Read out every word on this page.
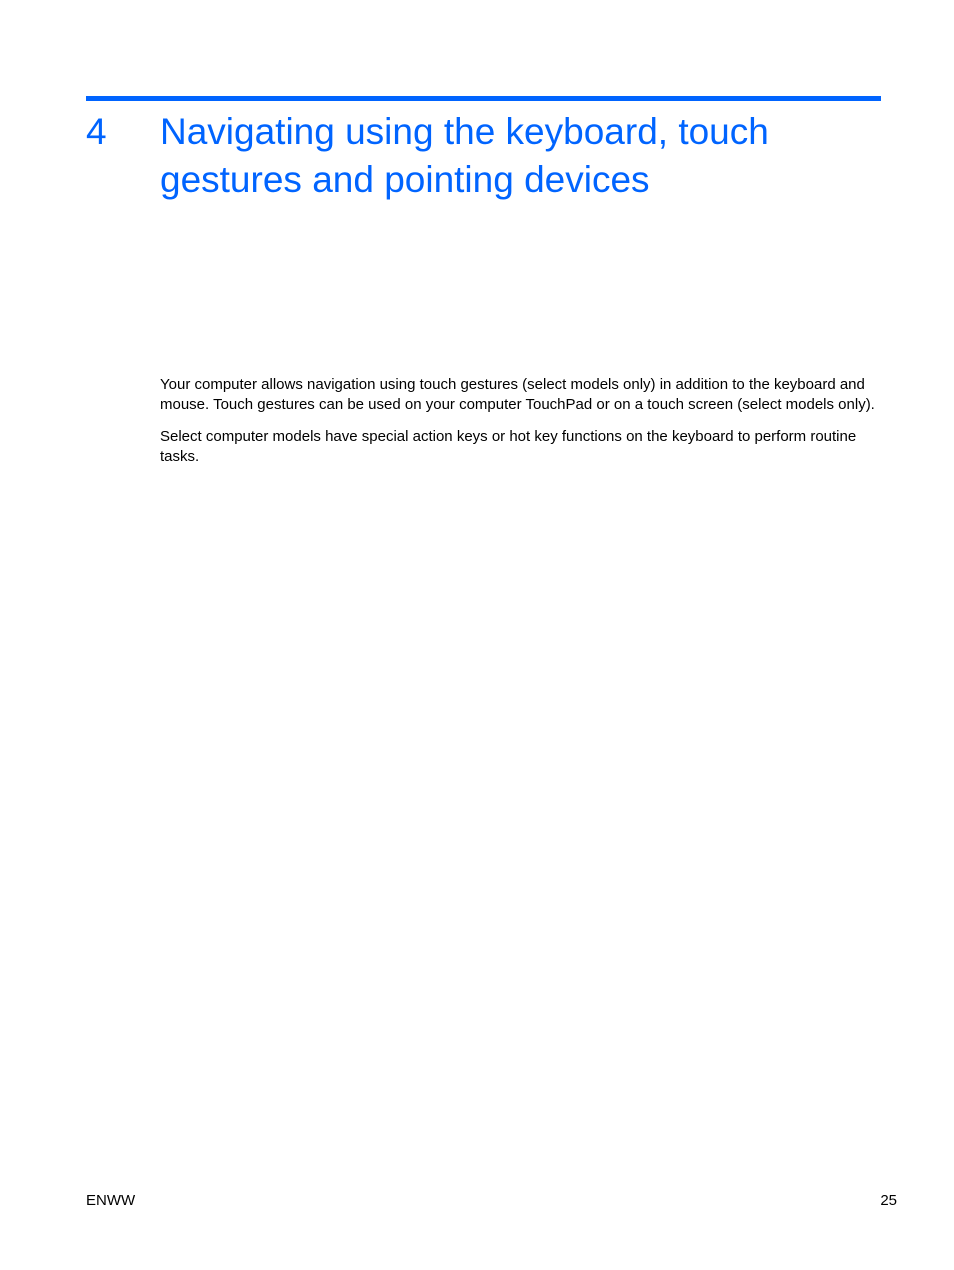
4 Navigating using the keyboard, touch gestures and pointing devices

Your computer allows navigation using touch gestures (select models only) in addition to the keyboard and mouse. Touch gestures can be used on your computer TouchPad or on a touch screen (select models only).

Select computer models have special action keys or hot key functions on the keyboard to perform routine tasks.

ENWW	25
